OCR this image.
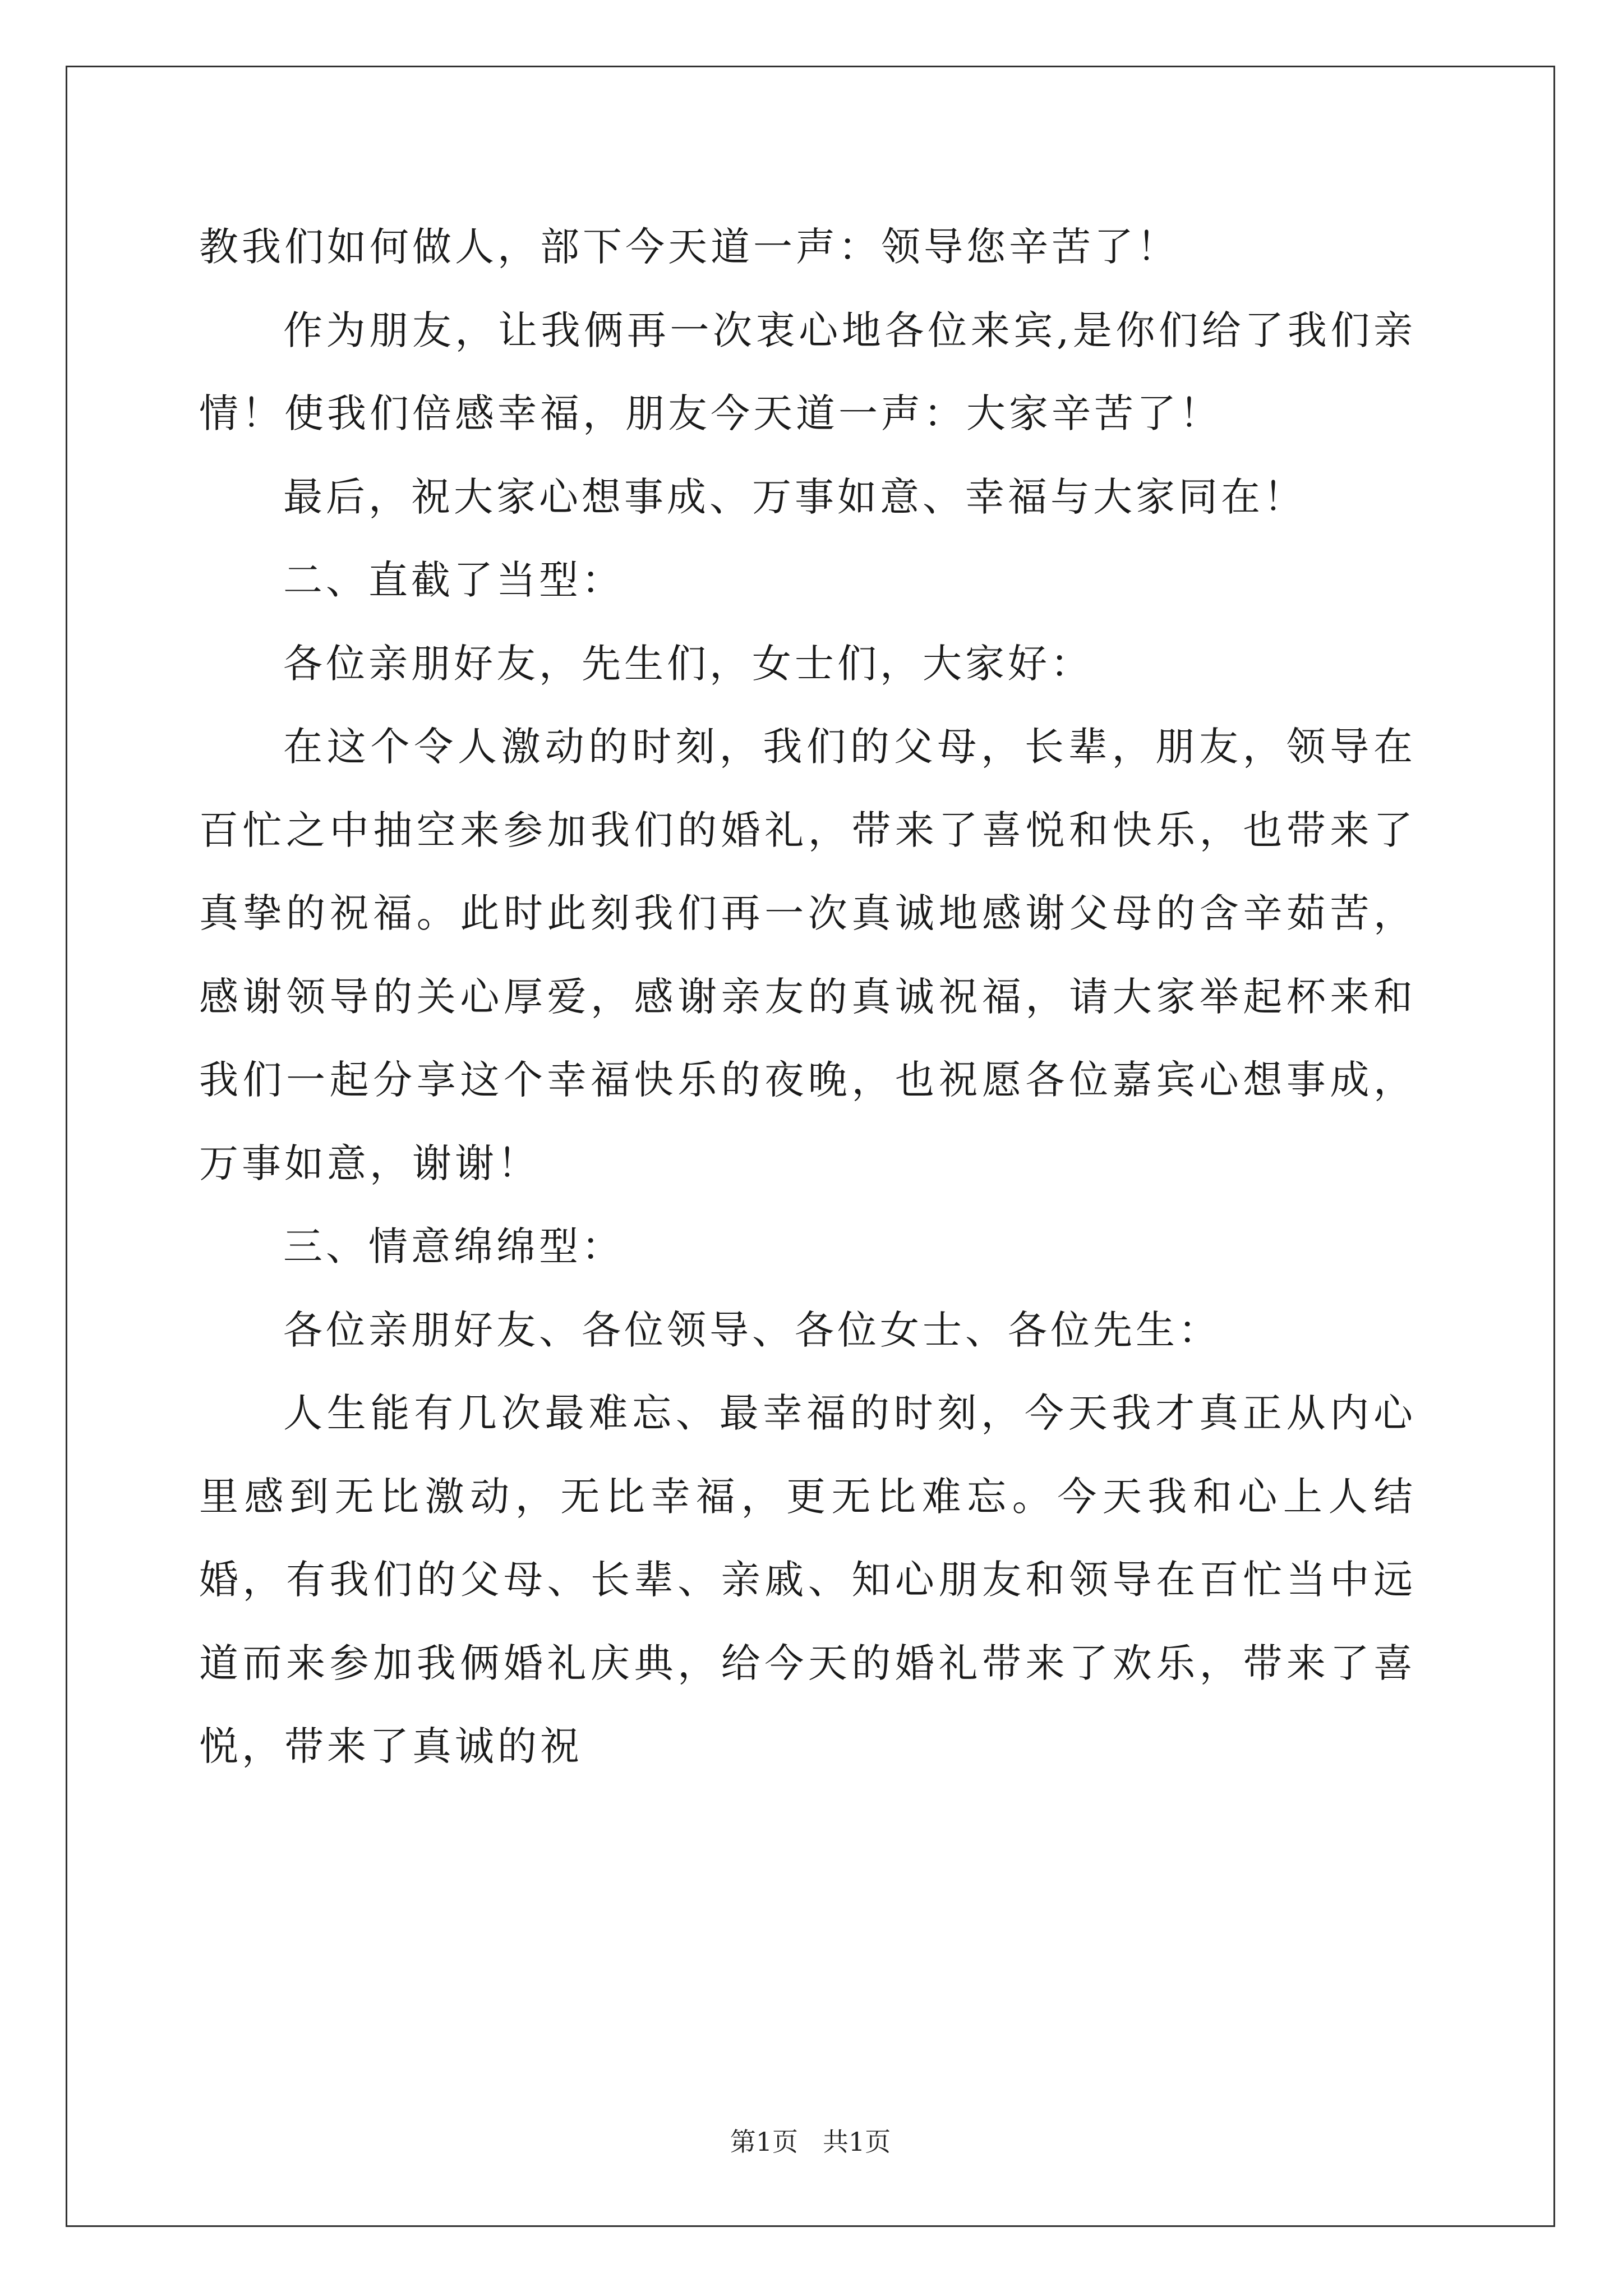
教我们如何做人，部下今天道一声：领导您辛苦了！

作为朋友，让我俩再一次衷心地各位来宾,是你们给了我们亲情！使我们倍感幸福，朋友今天道一声：大家辛苦了！

最后，祝大家心想事成、万事如意、幸福与大家同在！

二、直截了当型：

各位亲朋好友，先生们，女士们，大家好：

在这个令人激动的时刻，我们的父母，长辈，朋友，领导在百忙之中抽空来参加我们的婚礼，带来了喜悦和快乐，也带来了真挚的祝福。此时此刻我们再一次真诚地感谢父母的含辛茹苦，感谢领导的关心厚爱，感谢亲友的真诚祝福，请大家举起杯来和我们一起分享这个幸福快乐的夜晚，也祝愿各位嘉宾心想事成，万事如意，谢谢！

三、情意绵绵型：

各位亲朋好友、各位领导、各位女士、各位先生：

人生能有几次最难忘、最幸福的时刻，今天我才真正从内心里感到无比激动，无比幸福，更无比难忘。今天我和心上人结婚，有我们的父母、长辈、亲戚、知心朋友和领导在百忙当中远道而来参加我俩婚礼庆典，给今天的婚礼带来了欢乐，带来了喜悦，带来了真诚的祝

第1页 共1页
